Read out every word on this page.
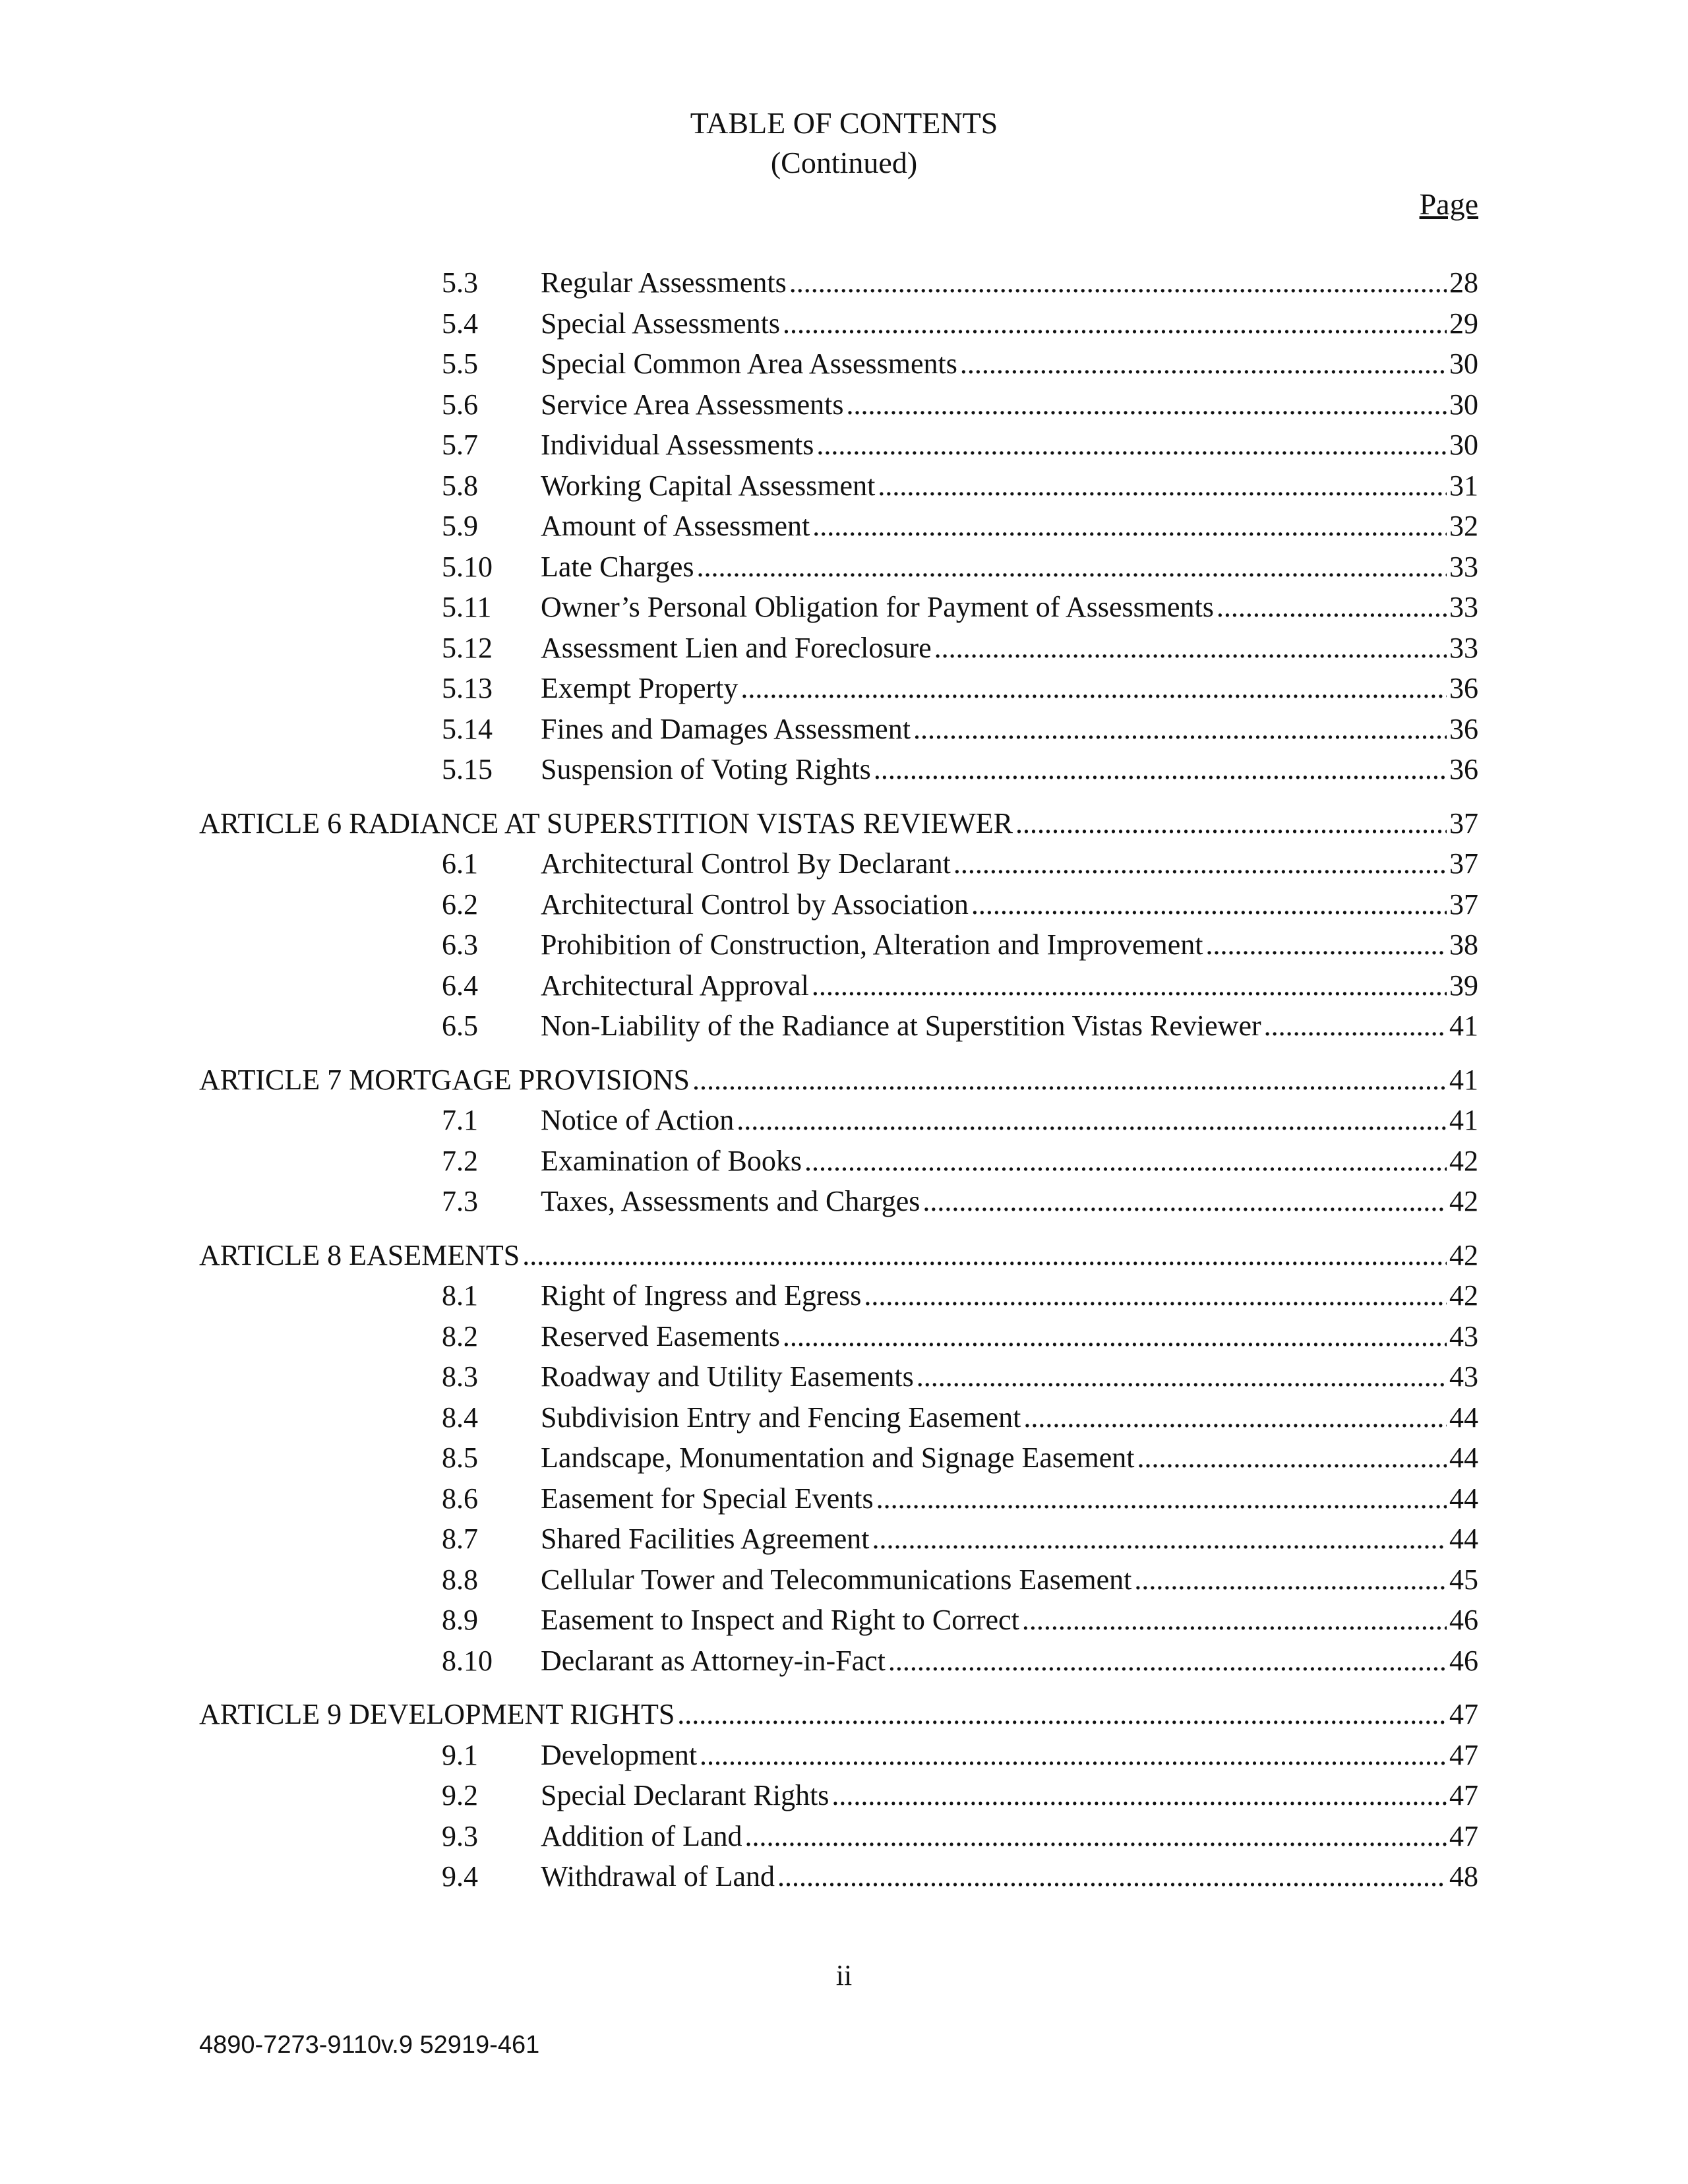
TABLE OF CONTENTS
(Continued)
Page
5.3	Regular Assessments .....	28
5.4	Special Assessments .....	29
5.5	Special Common Area Assessments .....	30
5.6	Service Area Assessments .....	30
5.7	Individual Assessments .....	30
5.8	Working Capital Assessment .....	31
5.9	Amount of Assessment .....	32
5.10	Late Charges .....	33
5.11	Owner’s Personal Obligation for Payment of Assessments .....	33
5.12	Assessment Lien and Foreclosure .....	33
5.13	Exempt Property .....	36
5.14	Fines and Damages Assessment .....	36
5.15	Suspension of Voting Rights .....	36
ARTICLE 6 RADIANCE AT SUPERSTITION VISTAS REVIEWER .....	37
6.1	Architectural Control By Declarant .....	37
6.2	Architectural Control by Association .....	37
6.3	Prohibition of Construction, Alteration and Improvement .....	38
6.4	Architectural Approval .....	39
6.5	Non-Liability of the Radiance at Superstition Vistas Reviewer .....	41
ARTICLE 7 MORTGAGE PROVISIONS .....	41
7.1	Notice of Action .....	41
7.2	Examination of Books .....	42
7.3	Taxes, Assessments and Charges .....	42
ARTICLE 8 EASEMENTS .....	42
8.1	Right of Ingress and Egress .....	42
8.2	Reserved Easements .....	43
8.3	Roadway and Utility Easements .....	43
8.4	Subdivision Entry and Fencing Easement .....	44
8.5	Landscape, Monumentation and Signage Easement .....	44
8.6	Easement for Special Events .....	44
8.7	Shared Facilities Agreement .....	44
8.8	Cellular Tower and Telecommunications Easement .....	45
8.9	Easement to Inspect and Right to Correct .....	46
8.10	Declarant as Attorney-in-Fact .....	46
ARTICLE 9 DEVELOPMENT RIGHTS .....	47
9.1	Development .....	47
9.2	Special Declarant Rights .....	47
9.3	Addition of Land .....	47
9.4	Withdrawal of Land .....	48
ii
4890-7273-9110v.9 52919-461
